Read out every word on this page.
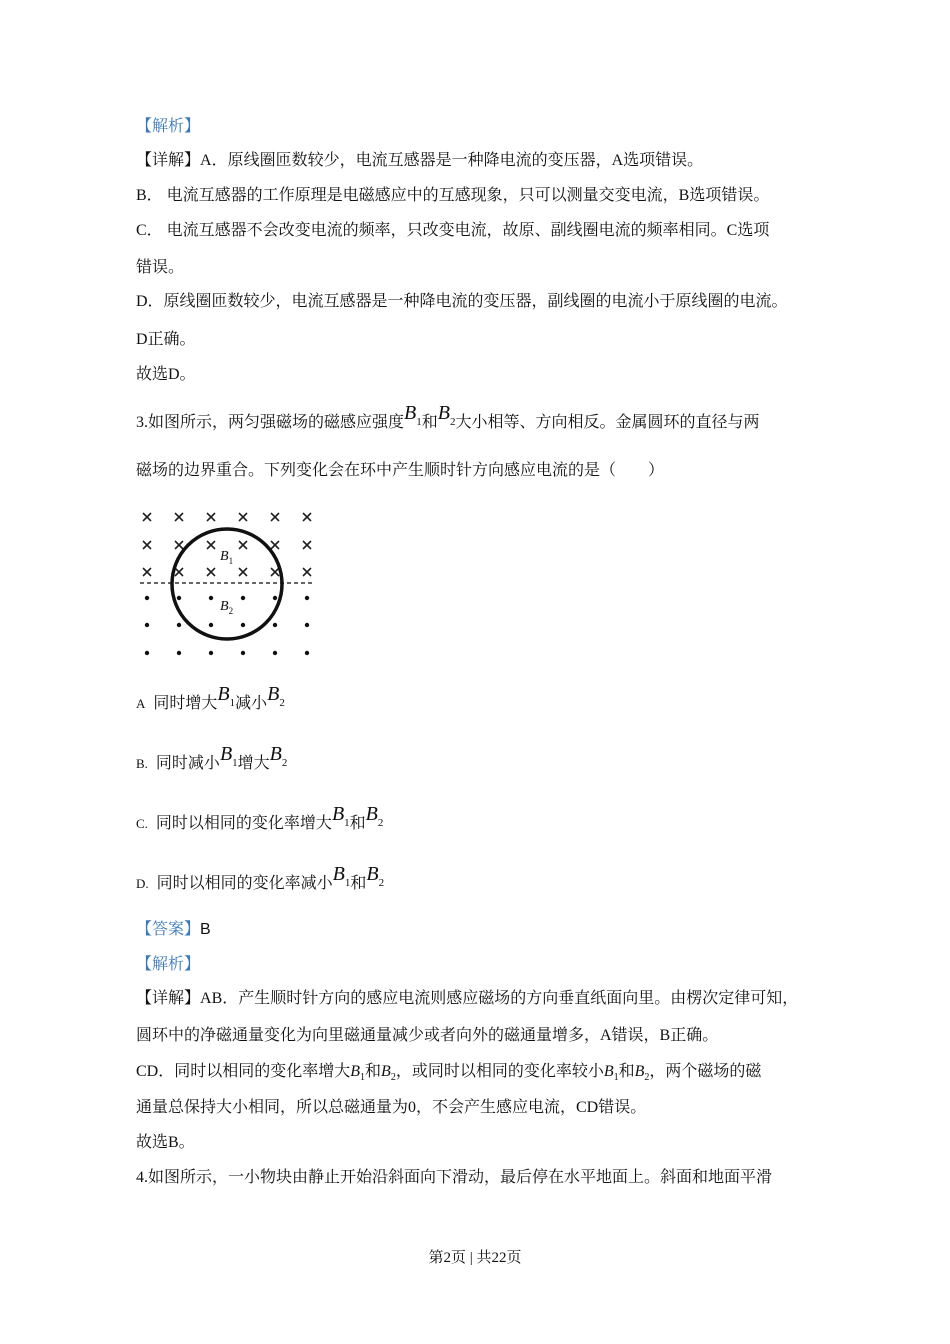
【解析】
【详解】A．原线圈匝数较少，电流互感器是一种降电流的变压器，A选项错误。
B． 电流互感器的工作原理是电磁感应中的互感现象，只可以测量交变电流，B选项错误。
C． 电流互感器不会改变电流的频率，只改变电流，故原、副线圈电流的频率相同。C选项
错误。
D．原线圈匝数较少，电流互感器是一种降电流的变压器，副线圈的电流小于原线圈的电流。
D正确。
故选D。
3.如图所示，两匀强磁场的磁感应强度B1和B2大小相等、方向相反。金属圆环的直径与两
磁场的边界重合。下列变化会在环中产生顺时针方向感应电流的是（　　）
$B_1$
$B_2$
A 同时增大B1减小B2
B. 同时减小B1增大B2
C. 同时以相同的变化率增大B1和B2
D. 同时以相同的变化率减小B1和B2
【答案】B
【解析】
【详解】AB．产生顺时针方向的感应电流则感应磁场的方向垂直纸面向里。由楞次定律可知，
圆环中的净磁通量变化为向里磁通量减少或者向外的磁通量增多，A错误，B正确。
CD．同时以相同的变化率增大$B_1$和$B_2$，或同时以相同的变化率较小$B_1$和$B_2$，两个磁场的磁
通量总保持大小相同，所以总磁通量为0，不会产生感应电流，CD错误。
故选B。
4.如图所示，一小物块由静止开始沿斜面向下滑动，最后停在水平地面上。斜面和地面平滑
第2页 | 共22页
